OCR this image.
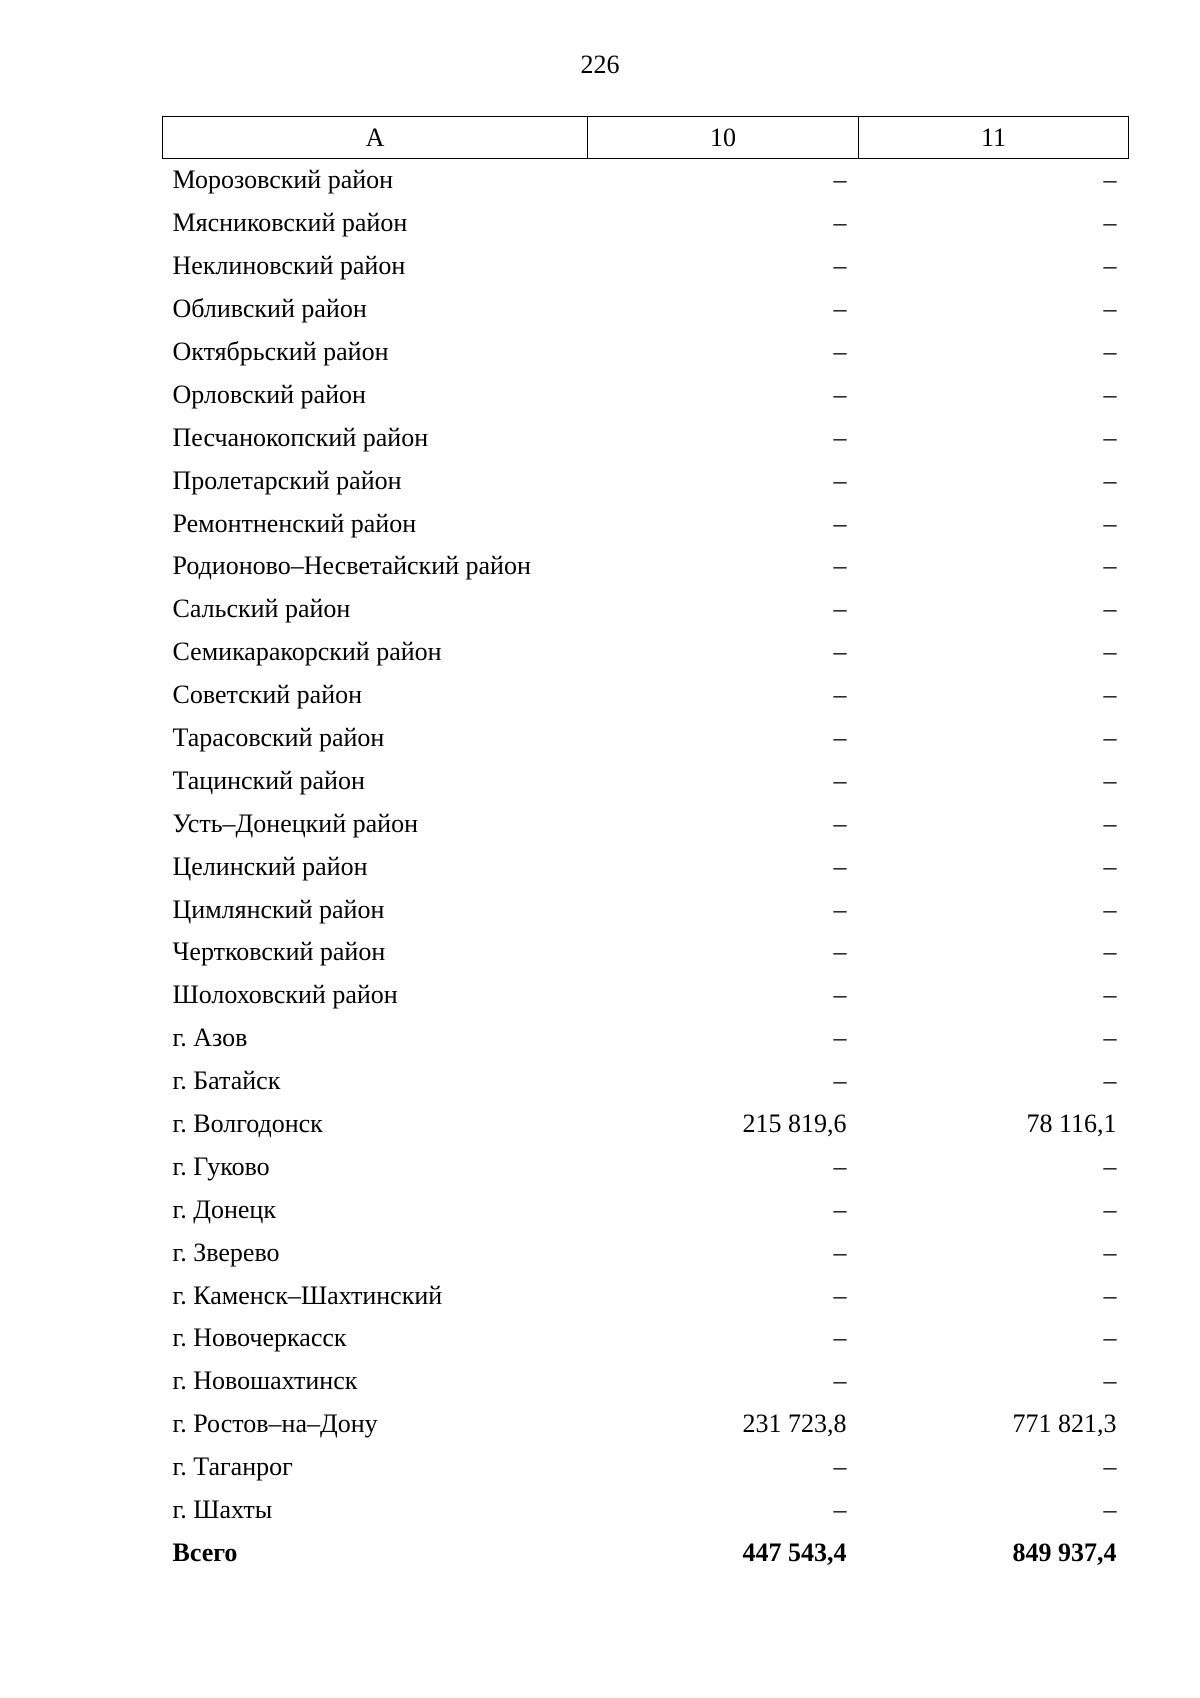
226
A	10	11
Морозовский район	–	–
Мясниковский район	–	–
Неклиновский район	–	–
Обливский район	–	–
Октябрьский район	–	–
Орловский район	–	–
Песчанокопский район	–	–
Пролетарский район	–	–
Ремонтненский район	–	–
Родионово–Несветайский район	–	–
Сальский район	–	–
Семикаракорский район	–	–
Советский район	–	–
Тарасовский район	–	–
Тацинский район	–	–
Усть–Донецкий район	–	–
Целинский район	–	–
Цимлянский район	–	–
Чертковский район	–	–
Шолоховский район	–	–
г. Азов	–	–
г. Батайск	–	–
г. Волгодонск	215 819,6	78 116,1
г. Гуково	–	–
г. Донецк	–	–
г. Зверево	–	–
г. Каменск–Шахтинский	–	–
г. Новочеркасск	–	–
г. Новошахтинск	–	–
г. Ростов–на–Дону	231 723,8	771 821,3
г. Таганрог	–	–
г. Шахты	–	–
Всего	447 543,4	849 937,4
